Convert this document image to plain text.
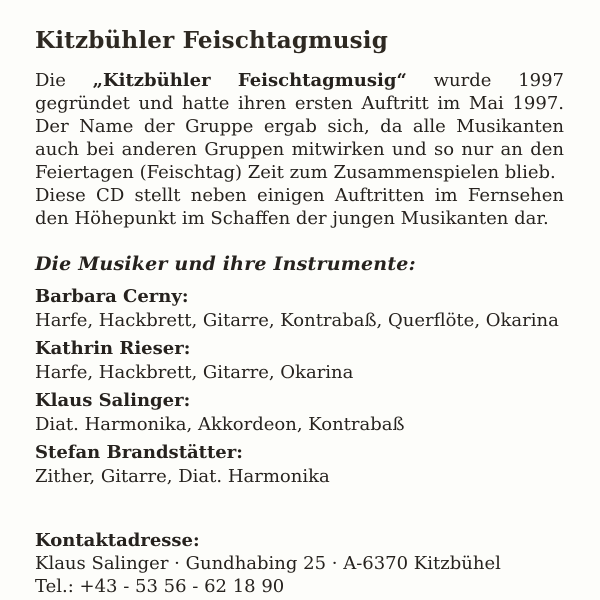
Kitzbühler Feischtagmusig

Die „Kitzbühler Feischtagmusig“ wurde 1997 gegründet und hatte ihren ersten Auftritt im Mai 1997. Der Name der Gruppe ergab sich, da alle Musikanten auch bei anderen Gruppen mitwirken und so nur an den Feiertagen (Feischtag) Zeit zum Zusammenspielen blieb.

Diese CD stellt neben einigen Auftritten im Fernsehen den Höhepunkt im Schaffen der jungen Musikanten dar.

Die Musiker und ihre Instrumente:
Barbara Cerny:
Harfe, Hackbrett, Gitarre, Kontrabaß, Querflöte, Okarina
Kathrin Rieser:
Harfe, Hackbrett, Gitarre, Okarina
Klaus Salinger:
Diat. Harmonika, Akkordeon, Kontrabaß
Stefan Brandstätter:
Zither, Gitarre, Diat. Harmonika
Kontaktadresse:
Klaus Salinger · Gundhabing 25 · A-6370 Kitzbühel
Tel.: +43 - 53 56 - 62 18 90
